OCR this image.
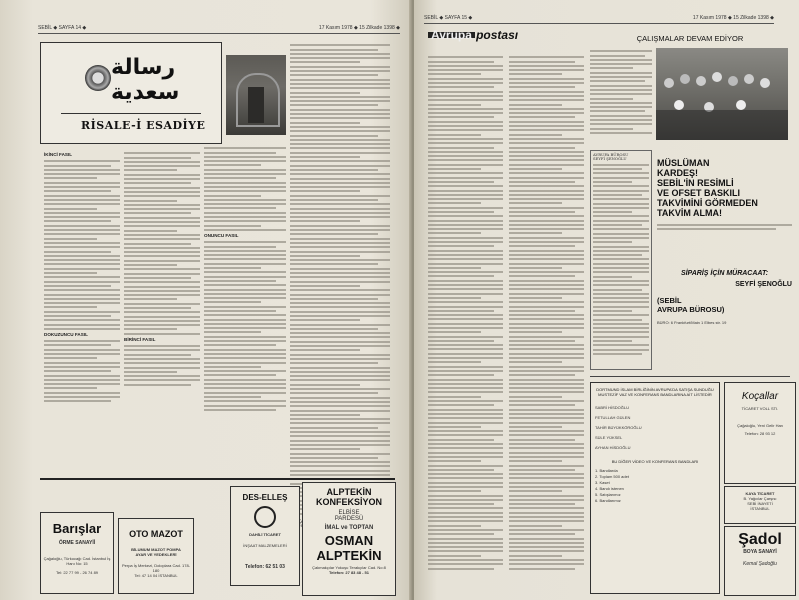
SEBİL ◆ SAYFA 14 ◆	17 Kasım 1978 ◆ 15 Zilkade 1398 ◆
رسالة سعدية
RİSALE-İ ESADİYE
İKİNCİ FASIL
DOKUZUNCU FASIL
BİRİNCİ FASIL
ONUNCU FASIL
Barışlar
ÖRME SANAYİİ
Çağaloğlu, Türkocağı Cad. İstanbul İş Hanı No: 15
Tel: 22 77 99 - 26 74 89
OTO MAZOT
BİLUMUM MAZOT POMPA
AYAR VE YEDEKLERİ
Perpa İş Merkezi, Doloplara Cad. 178-180
Tel: 47 14 04 İSTANBUL
DES-ELLEŞ
DAHİLİ TİCARET
İNŞAAT MALZEMELERİ
Telefon: 62 51 03
ALPTEKİN
KONFEKSİYON
ELBİSE
PARDESÜ
İMAL ve TOPTAN
OSMAN
ALPTEKİN
Çakmakçılar Yokuşu Terakçılar Cad. No:8
Telefon: 27 83 48 - 51
SEBİL ◆ SAYFA 15 ◆	17 Kasım 1978 ◆ 15 Zilkade 1398 ◆
Avrupa postası	ÇALIŞMALAR DEVAM EDİYOR
AVRUPA BÜROSU
SEYFİ ŞENOĞLU	MÜSLÜMAN
KARDEŞ!
SEBİL'İN RESİMLİ
VE OFSET BASKILI
TAKVİMİNİ GÖRMEDEN
TAKVİM ALMA!
SİPARİŞ İÇİN MÜRACAAT:
SEYFİ ŞENOĞLU
(SEBİL
AVRUPA BÜROSU)
BÜRO: 6 Frankfurt/Main 1 Elbes str. 19
DORTMUND İSLAM BİRLİĞİNİN AVRUPA'DA SATIŞA SUNDUĞU MUSTEZİF VAZ VE KONFERANS BANDLARINA AİT LİSTEDİR
SABRİ HİSDOĞLU
FETULLAH GÜLEN
TAHİR BÜYÜKKÖROĞLU
SÜLE YÜKSEL
AYHAN HİSDOĞLU
BU DİĞER VİDEO VE KONFERANS BANDLARI
1. Bandlarda
2. Toplam 500 adet
3. Kaset
4. Bandı istenen
5. Satışlarımız
6. Bandlarımız
Koçallar
TİCARET VOLL STI.
Çağaloğlu, Yeni Gelir Han
Telefon: 28 93 12
KAYA TİCARET
B. Yağcılar Çarşısı
SEBİ İNAYETİ
İSTANBUL
Şadol
BOYA SANAYİ
Kemal Şadoğlu
